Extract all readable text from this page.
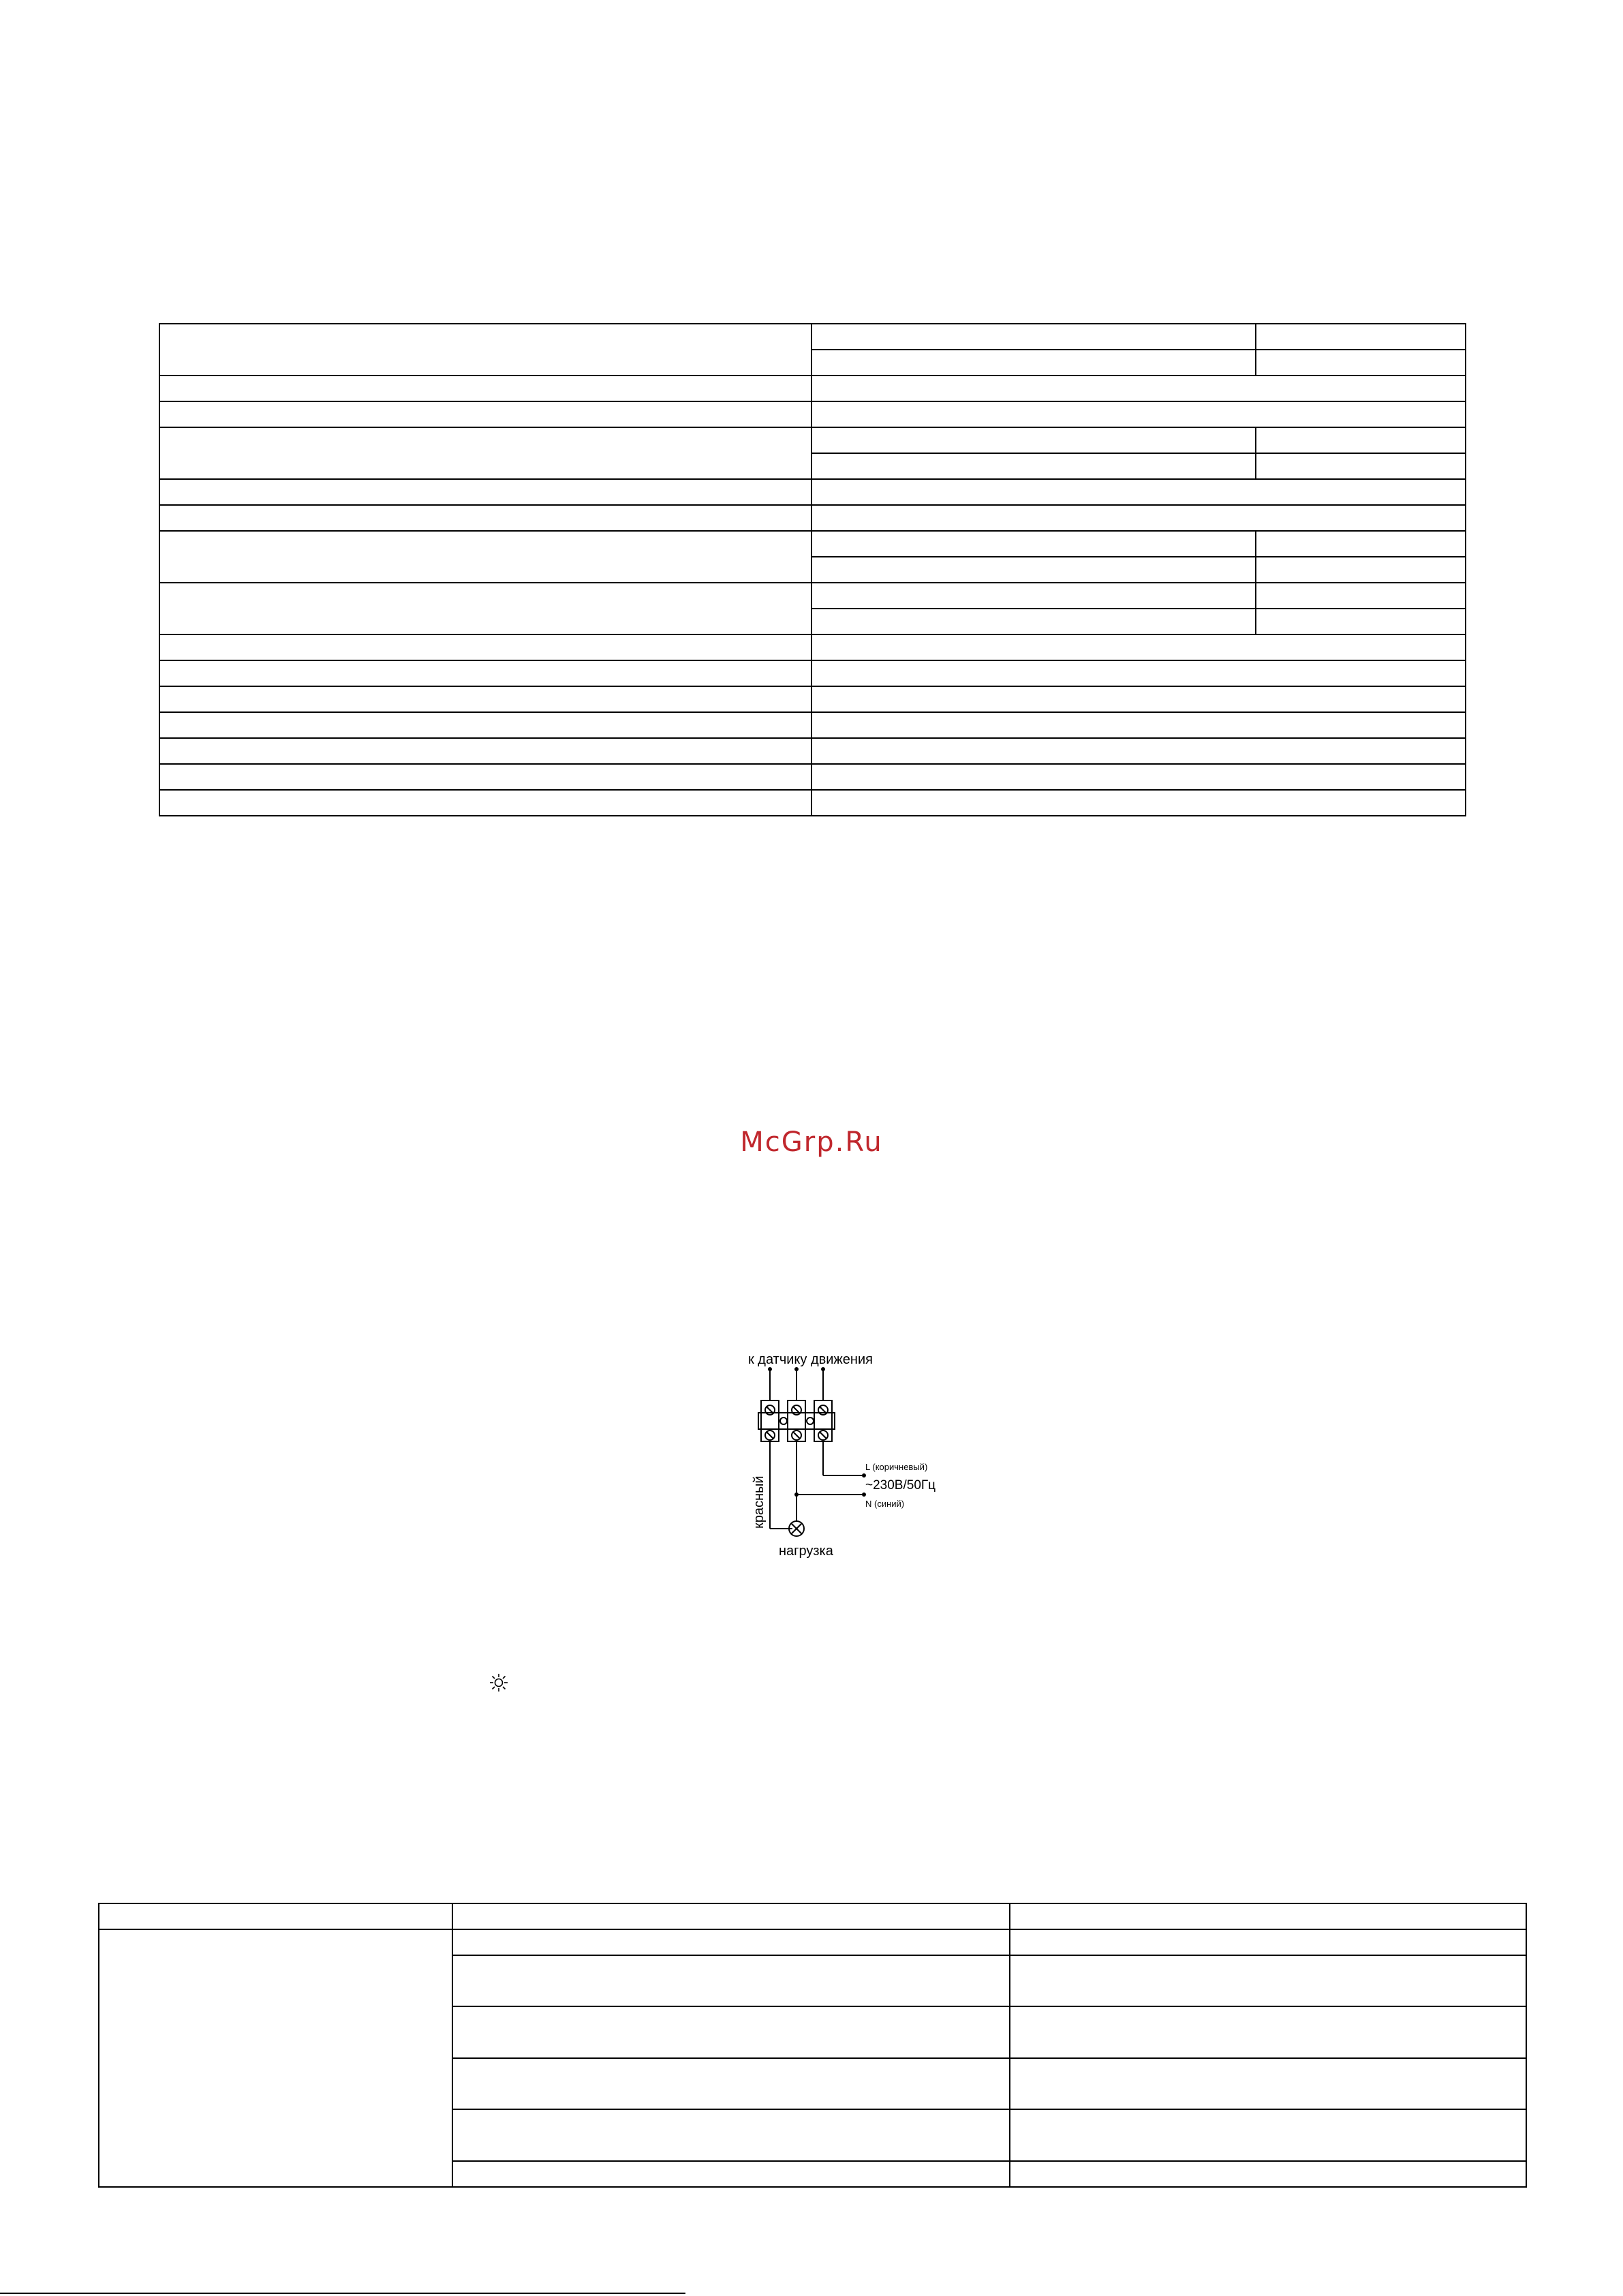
McGrp.Ru
к датчику движения
L (коричневый)
~230В/50Гц
N (синий)
нагрузка
красный
